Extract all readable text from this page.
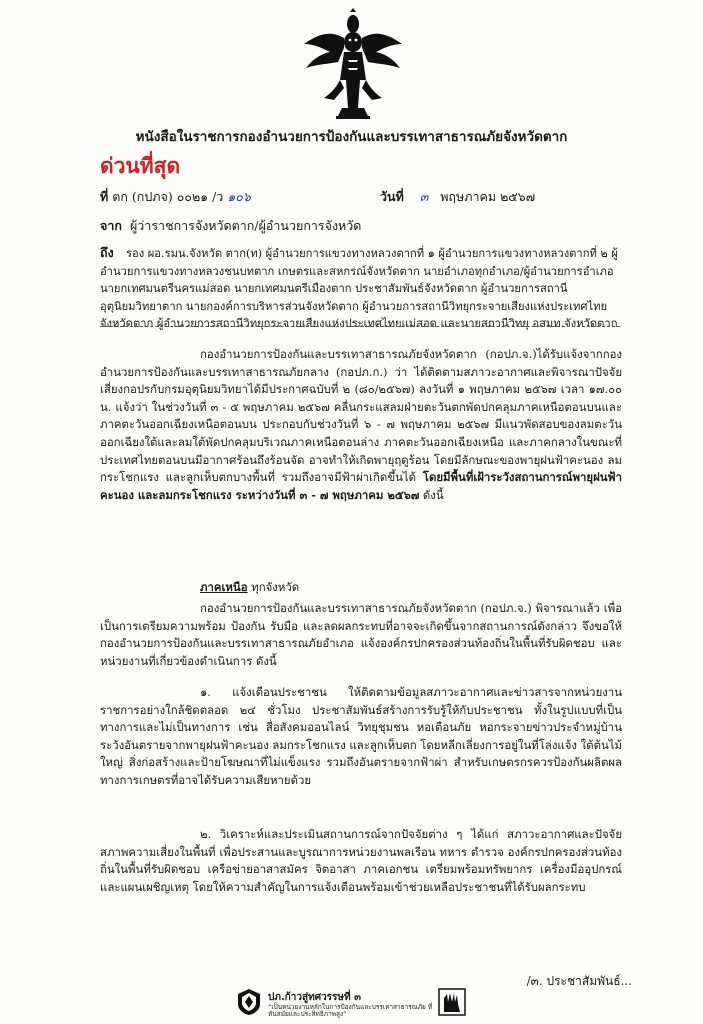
หนังสือในราชการกองอำนวยการป้องกันและบรรเทาสาธารณภัยจังหวัดตาก
ด่วนที่สุด
ที่ ตก (กปภจ) ๐๐๒๑ /ว ๑๐๖	วันที่ ๓ พฤษภาคม ๒๕๖๗
จาก ผู้ว่าราชการจังหวัดตาก/ผู้อำนวยการจังหวัด
ถึง รอง ผอ.รมน.จังหวัด ตาก(ท) ผู้อำนวยการแขวงทางหลวงตากที่ ๑ ผู้อำนวยการแขวงทางหลวงตากที่ ๒ ผู้อำนวยการแขวงทางหลวงชนบทตาก เกษตรและสหกรณ์จังหวัดตาก นายอำเภอทุกอำเภอ/ผู้อำนวยการอำเภอ นายกเทศมนตรีนครแม่สอด นายกเทศมนตรีเมืองตาก ประชาสัมพันธ์จังหวัดตาก ผู้อำนวยการสถานีอุตุนิยมวิทยาตาก นายกองค์การบริหารส่วนจังหวัดตาก ผู้อำนวยการสถานีวิทยุกระจายเสียงแห่งประเทศไทยจังหวัดตาก ผู้อำนวยการสถานีวิทยุกระจายเสียงแห่งประเทศไทยแม่สอด และนายสถานีวิทยุ อสมท.จังหวัดตาก
กองอำนวยการป้องกันและบรรเทาสาธารณภัยจังหวัดตาก (กอปภ.จ.)ได้รับแจ้งจากกองอำนวยการป้องกันและบรรเทาสาธารณภัยกลาง (กอปภ.ก.) ว่า ได้ติดตามสภาวะอากาศและพิจารณาปัจจัยเสี่ยงกอปรกับกรมอุตุนิยมวิทยาได้มีประกาศฉบับที่ ๒ (๘๐/๒๕๖๗) ลงวันที่ ๑ พฤษภาคม ๒๕๖๗ เวลา ๑๗.๐๐ น. แจ้งว่า ในช่วงวันที่ ๓ - ๕ พฤษภาคม ๒๕๖๗ คลื่นกระแสลมฝ่ายตะวันตกพัดปกคลุมภาคเหนือตอนบนและภาคตะวันออกเฉียงเหนือตอนบน ประกอบกับช่วงวันที่ ๖ - ๗ พฤษภาคม ๒๕๖๗ มีแนวพัดสอบของลมตะวันออกเฉียงใต้และลมใต้พัดปกคลุมบริเวณภาคเหนือตอนล่าง ภาคตะวันออกเฉียงเหนือ และภาคกลางในขณะที่ประเทศไทยตอนบนมีอากาศร้อนถึงร้อนจัด อาจทำให้เกิดพายุฤดูร้อน โดยมีลักษณะของพายุฝนฟ้าคะนอง ลมกระโชกแรง และลูกเห็บตกบางพื้นที่ รวมถึงอาจมีฟ้าผ่าเกิดขึ้นได้ โดยมีพื้นที่เฝ้าระวังสถานการณ์พายุฝนฟ้าคะนอง และลมกระโชกแรง ระหว่างวันที่ ๓ - ๗ พฤษภาคม ๒๕๖๗ ดังนี้
ภาคเหนือ ทุกจังหวัด
กองอำนวยการป้องกันและบรรเทาสาธารณภัยจังหวัดตาก (กอปภ.จ.) พิจารณาแล้ว เพื่อเป็นการเตรียมความพร้อม ป้องกัน รับมือ และลดผลกระทบที่อาจจะเกิดขึ้นจากสถานการณ์ดังกล่าว จึงขอให้กองอำนวยการป้องกันและบรรเทาสาธารณภัยอำเภอ แจ้งองค์กรปกครองส่วนท้องถิ่นในพื้นที่รับผิดชอบ และหน่วยงานที่เกี่ยวข้องดำเนินการ ดังนี้
๑. แจ้งเตือนประชาชน ให้ติดตามข้อมูลสภาวะอากาศและข่าวสารจากหน่วยงานราชการอย่างใกล้ชิดตลอด ๒๔ ชั่วโมง ประชาสัมพันธ์สร้างการรับรู้ให้กับประชาชน ทั้งในรูปแบบที่เป็นทางการและไม่เป็นทางการ เช่น สื่อสังคมออนไลน์ วิทยุชุมชน หอเตือนภัย หอกระจายข่าวประจำหมู่บ้าน ระวังอันตรายจากพายุฝนฟ้าคะนอง ลมกระโชกแรง และลูกเห็บตก โดยหลีกเลี่ยงการอยู่ในที่โล่งแจ้ง ใต้ต้นไม้ใหญ่ สิ่งก่อสร้างและป้ายโฆษณาที่ไม่แข็งแรง รวมถึงอันตรายจากฟ้าผ่า สำหรับเกษตรกรควรป้องกันผลิตผลทางการเกษตรที่อาจได้รับความเสียหายด้วย
๒. วิเคราะห์และประเมินสถานการณ์จากปัจจัยต่าง ๆ ได้แก่ สภาวะอากาศและปัจจัยสภาพความเสี่ยงในพื้นที่ เพื่อประสานและบูรณาการหน่วยงานพลเรือน ทหาร ตำรวจ องค์กรปกครองส่วนท้องถิ่นในพื้นที่รับผิดชอบ เครือข่ายอาสาสมัคร จิตอาสา ภาคเอกชน เตรียมพร้อมทรัพยากร เครื่องมืออุปกรณ์ และแผนเผชิญเหตุ โดยให้ความสำคัญในการแจ้งเตือนพร้อมเข้าช่วยเหลือประชาชนที่ได้รับผลกระทบ
/๓. ประชาสัมพันธ์...
ปภ.ก้าวสู่ทศวรรษที่ ๓
“เป็นหน่วยงานหลักในการป้องกันและบรรเทาสาธารณภัย ที่ทันสมัยและประสิทธิภาพสูง”
